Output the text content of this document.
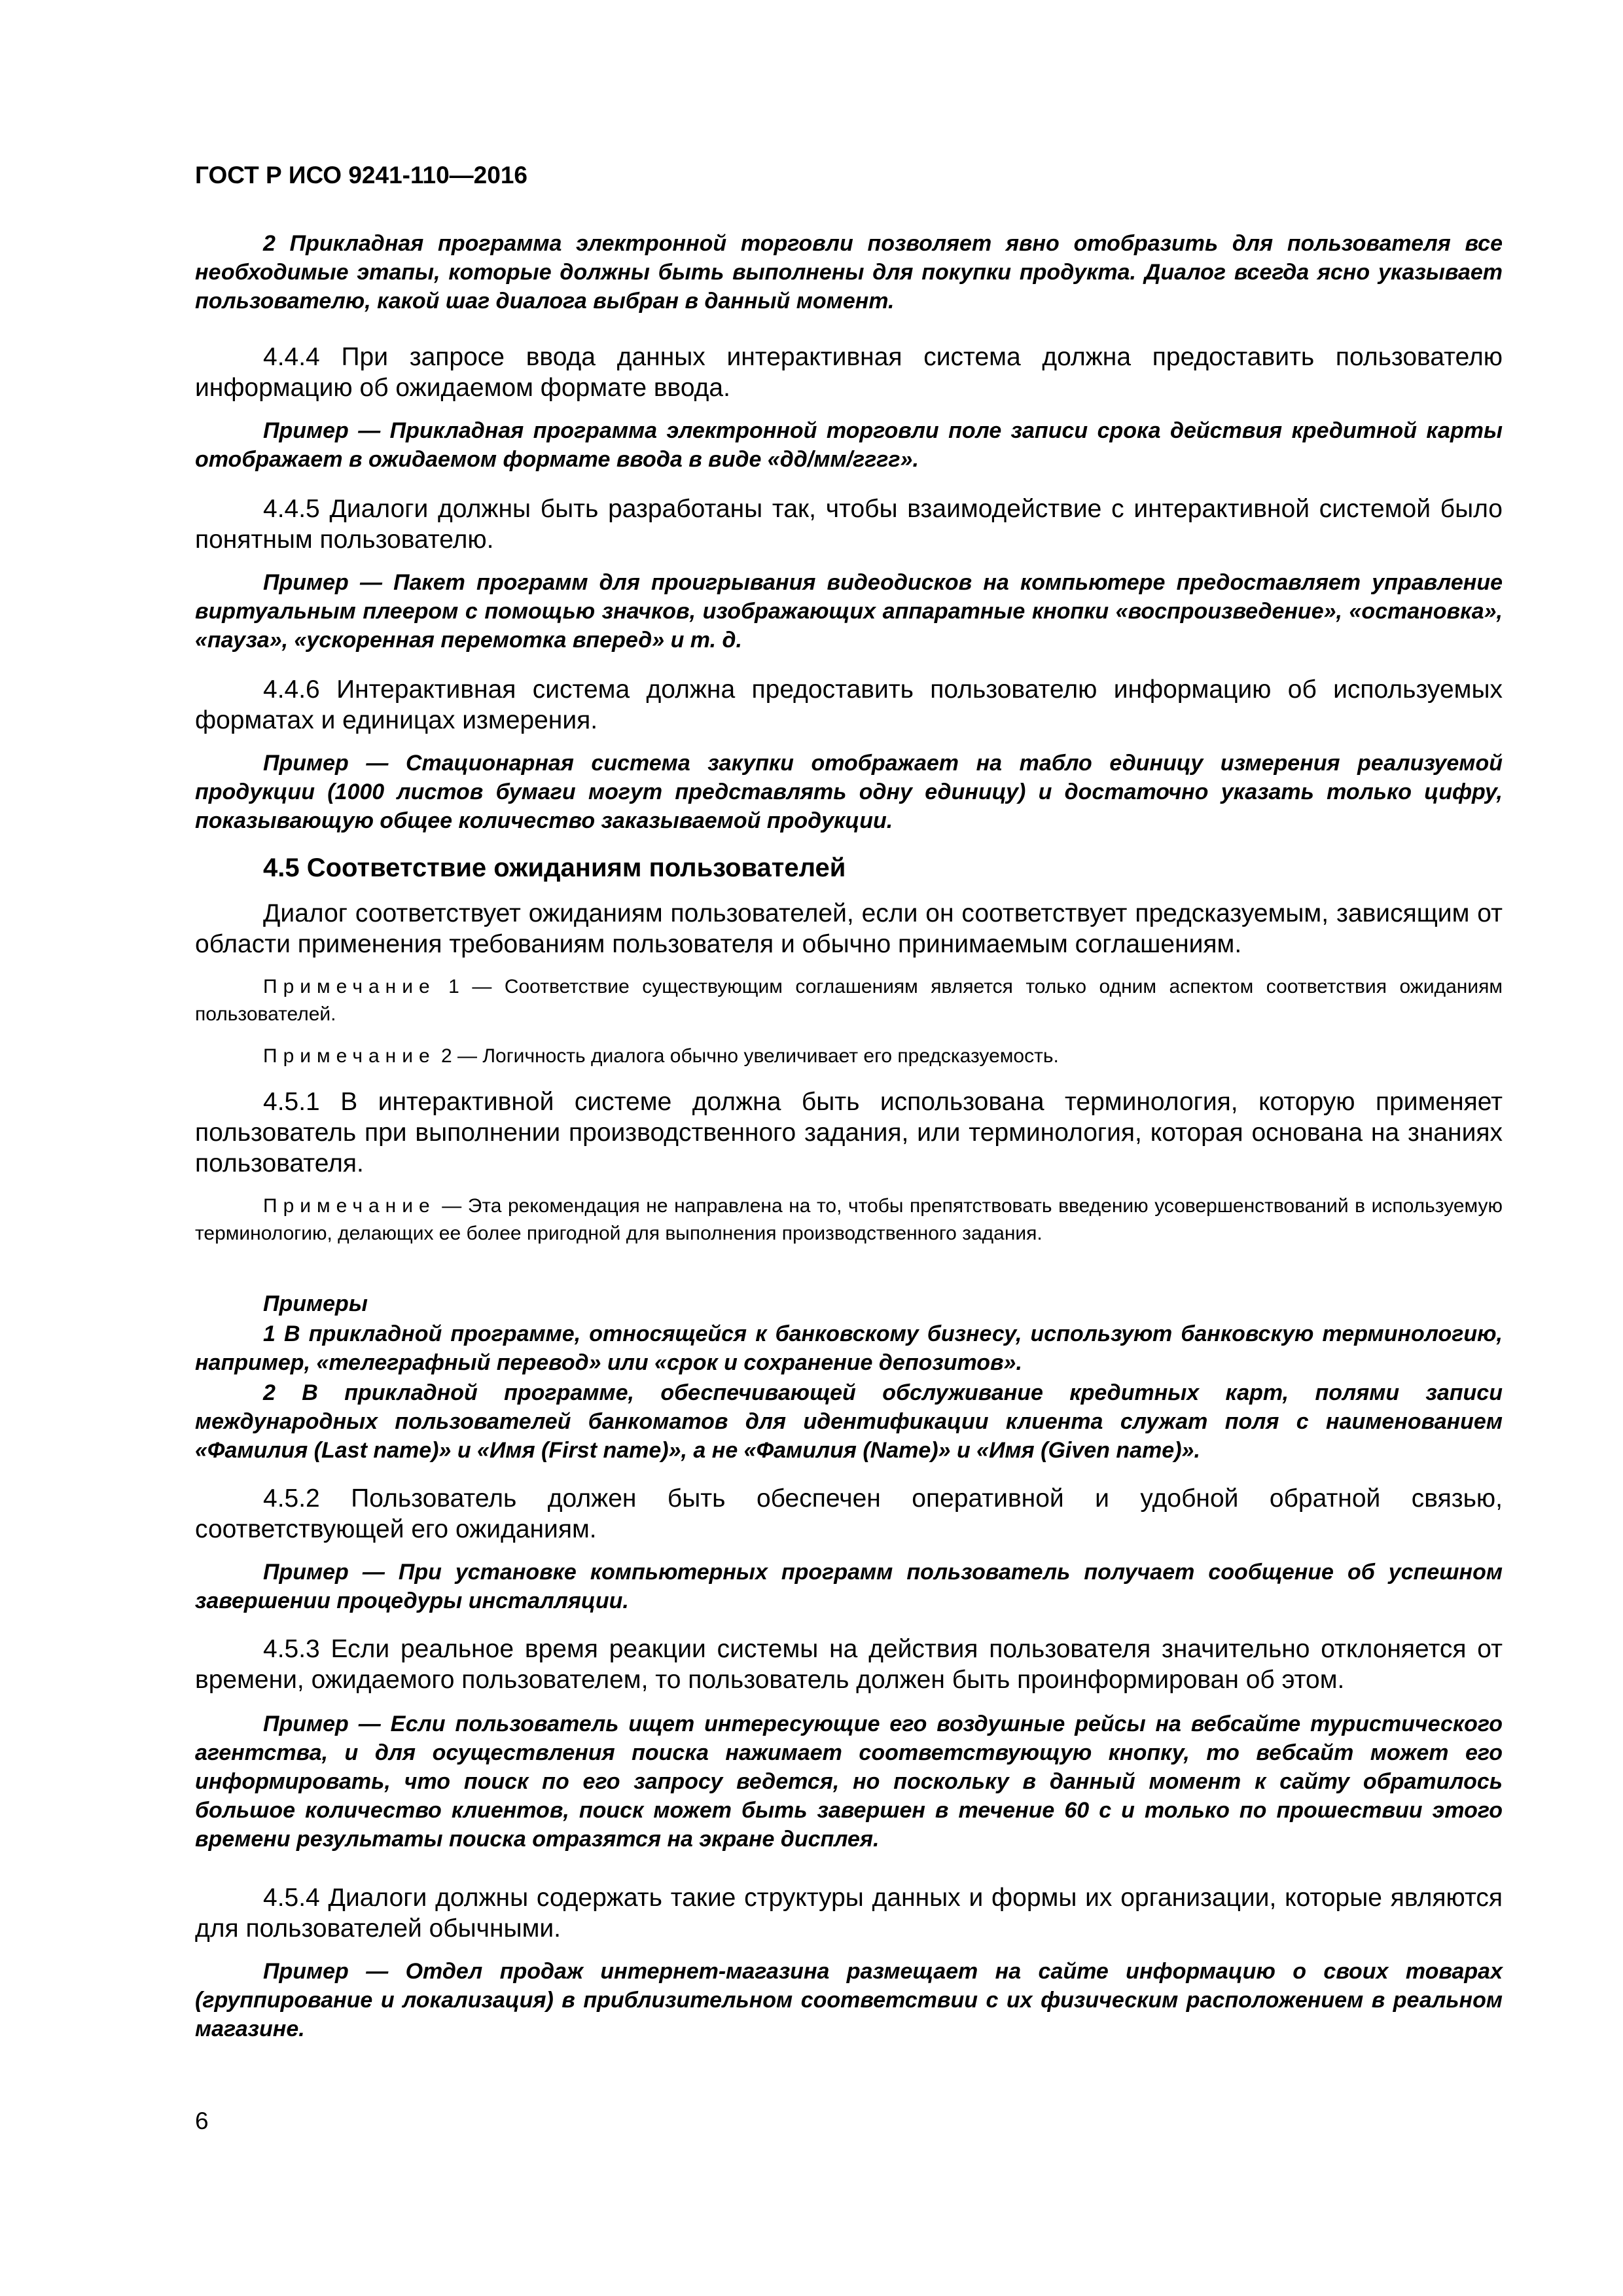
ГОСТ Р ИСО 9241-110—2016
2 Прикладная программа электронной торговли позволяет явно отобразить для пользователя все необходимые этапы, которые должны быть выполнены для покупки продукта. Диалог всегда ясно указывает пользователю, какой шаг диалога выбран в данный момент.
4.4.4 При запросе ввода данных интерактивная система должна предоставить пользователю информацию об ожидаемом формате ввода.
Пример — Прикладная программа электронной торговли поле записи срока действия кредитной карты отображает в ожидаемом формате ввода в виде «дд/мм/гггг».
4.4.5 Диалоги должны быть разработаны так, чтобы взаимодействие с интерактивной системой было понятным пользователю.
Пример — Пакет программ для проигрывания видеодисков на компьютере предоставляет управление виртуальным плеером с помощью значков, изображающих аппаратные кнопки «воспроизведение», «остановка», «пауза», «ускоренная перемотка вперед» и т. д.
4.4.6 Интерактивная система должна предоставить пользователю информацию об используемых форматах и единицах измерения.
Пример — Стационарная система закупки отображает на табло единицу измерения реализуемой продукции (1000 листов бумаги могут представлять одну единицу) и достаточно указать только цифру, показывающую общее количество заказываемой продукции.
4.5 Соответствие ожиданиям пользователей
Диалог соответствует ожиданиям пользователей, если он соответствует предсказуемым, зависящим от области применения требованиям пользователя и обычно принимаемым соглашениям.
Примечание 1 — Соответствие существующим соглашениям является только одним аспектом соответствия ожиданиям пользователей.
Примечание 2 — Логичность диалога обычно увеличивает его предсказуемость.
4.5.1 В интерактивной системе должна быть использована терминология, которую применяет пользователь при выполнении производственного задания, или терминология, которая основана на знаниях пользователя.
Примечание — Эта рекомендация не направлена на то, чтобы препятствовать введению усовершенствований в используемую терминологию, делающих ее более пригодной для выполнения производственного задания.
Примеры
1 В прикладной программе, относящейся к банковскому бизнесу, используют банковскую терминологию, например, «телеграфный перевод» или «срок и сохранение депозитов».
2 В прикладной программе, обеспечивающей обслуживание кредитных карт, полями записи международных пользователей банкоматов для идентификации клиента служат поля с наименованием «Фамилия (Last name)» и «Имя (First name)», а не «Фамилия (Name)» и «Имя (Given name)».
4.5.2 Пользователь должен быть обеспечен оперативной и удобной обратной связью, соответствующей его ожиданиям.
Пример — При установке компьютерных программ пользователь получает сообщение об успешном завершении процедуры инсталляции.
4.5.3 Если реальное время реакции системы на действия пользователя значительно отклоняется от времени, ожидаемого пользователем, то пользователь должен быть проинформирован об этом.
Пример — Если пользователь ищет интересующие его воздушные рейсы на вебсайте туристического агентства, и для осуществления поиска нажимает соответствующую кнопку, то вебсайт может его информировать, что поиск по его запросу ведется, но поскольку в данный момент к сайту обратилось большое количество клиентов, поиск может быть завершен в течение 60 с и только по прошествии этого времени результаты поиска отразятся на экране дисплея.
4.5.4 Диалоги должны содержать такие структуры данных и формы их организации, которые являются для пользователей обычными.
Пример — Отдел продаж интернет-магазина размещает на сайте информацию о своих товарах (группирование и локализация) в приблизительном соответствии с их физическим расположением в реальном магазине.
6
